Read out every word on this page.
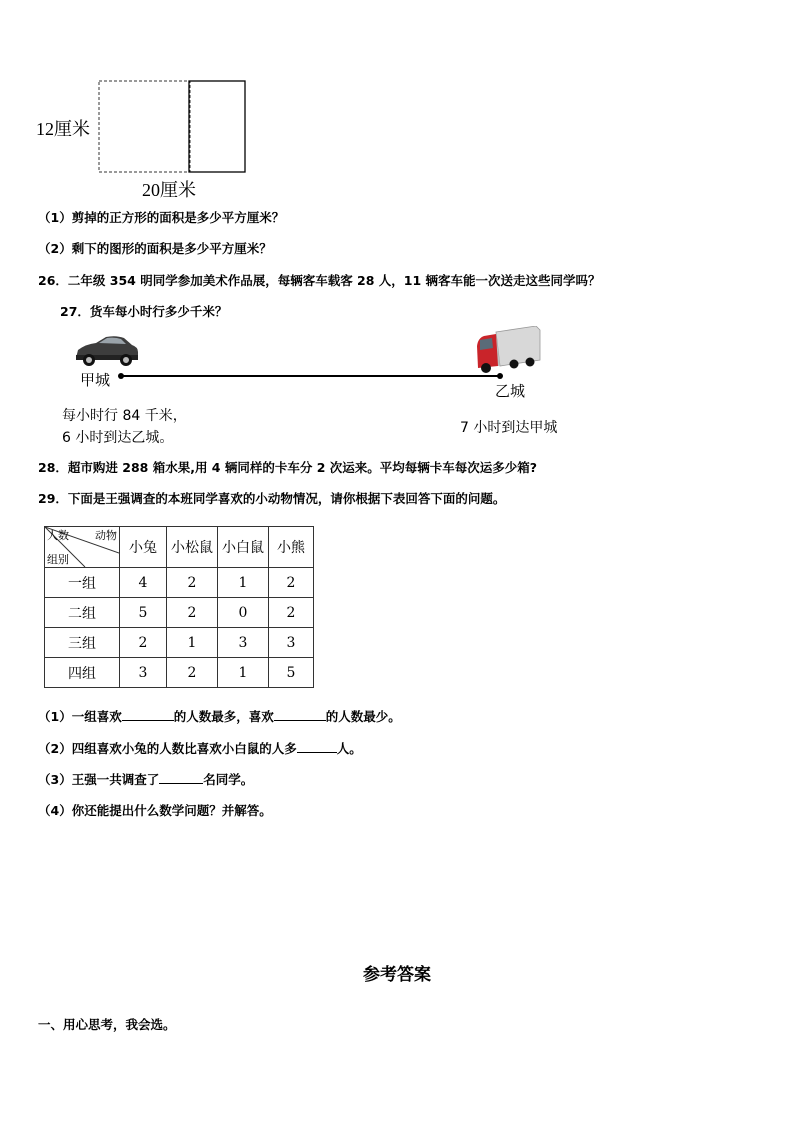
12厘米
20厘米
（1）剪掉的正方形的面积是多少平方厘米？
（2）剩下的图形的面积是多少平方厘米？
26．二年级 354 明同学参加美术作品展，每辆客车载客 28 人，11 辆客车能一次送走这些同学吗？
27．货车每小时行多少千米？
甲城
乙城
每小时行 84 千米，
6 小时到达乙城。
7 小时到达甲城
28．超市购进 288 箱水果,用 4 辆同样的卡车分 2 次运来。平均每辆卡车每次运多少箱?
29．下面是王强调查的本班同学喜欢的小动物情况，请你根据下表回答下面的问题。
动物
人数
组别	小兔	小松鼠	小白鼠	小熊
一组	4	2	1	2
二组	5	2	0	2
三组	2	1	3	3
四组	3	2	1	5
（1）一组喜欢	的人数最多，喜欢	的人数最少。
（2）四组喜欢小兔的人数比喜欢小白鼠的人多	人。
（3）王强一共调查了	名同学。
（4）你还能提出什么数学问题？并解答。
参考答案
一、用心思考，我会选。
